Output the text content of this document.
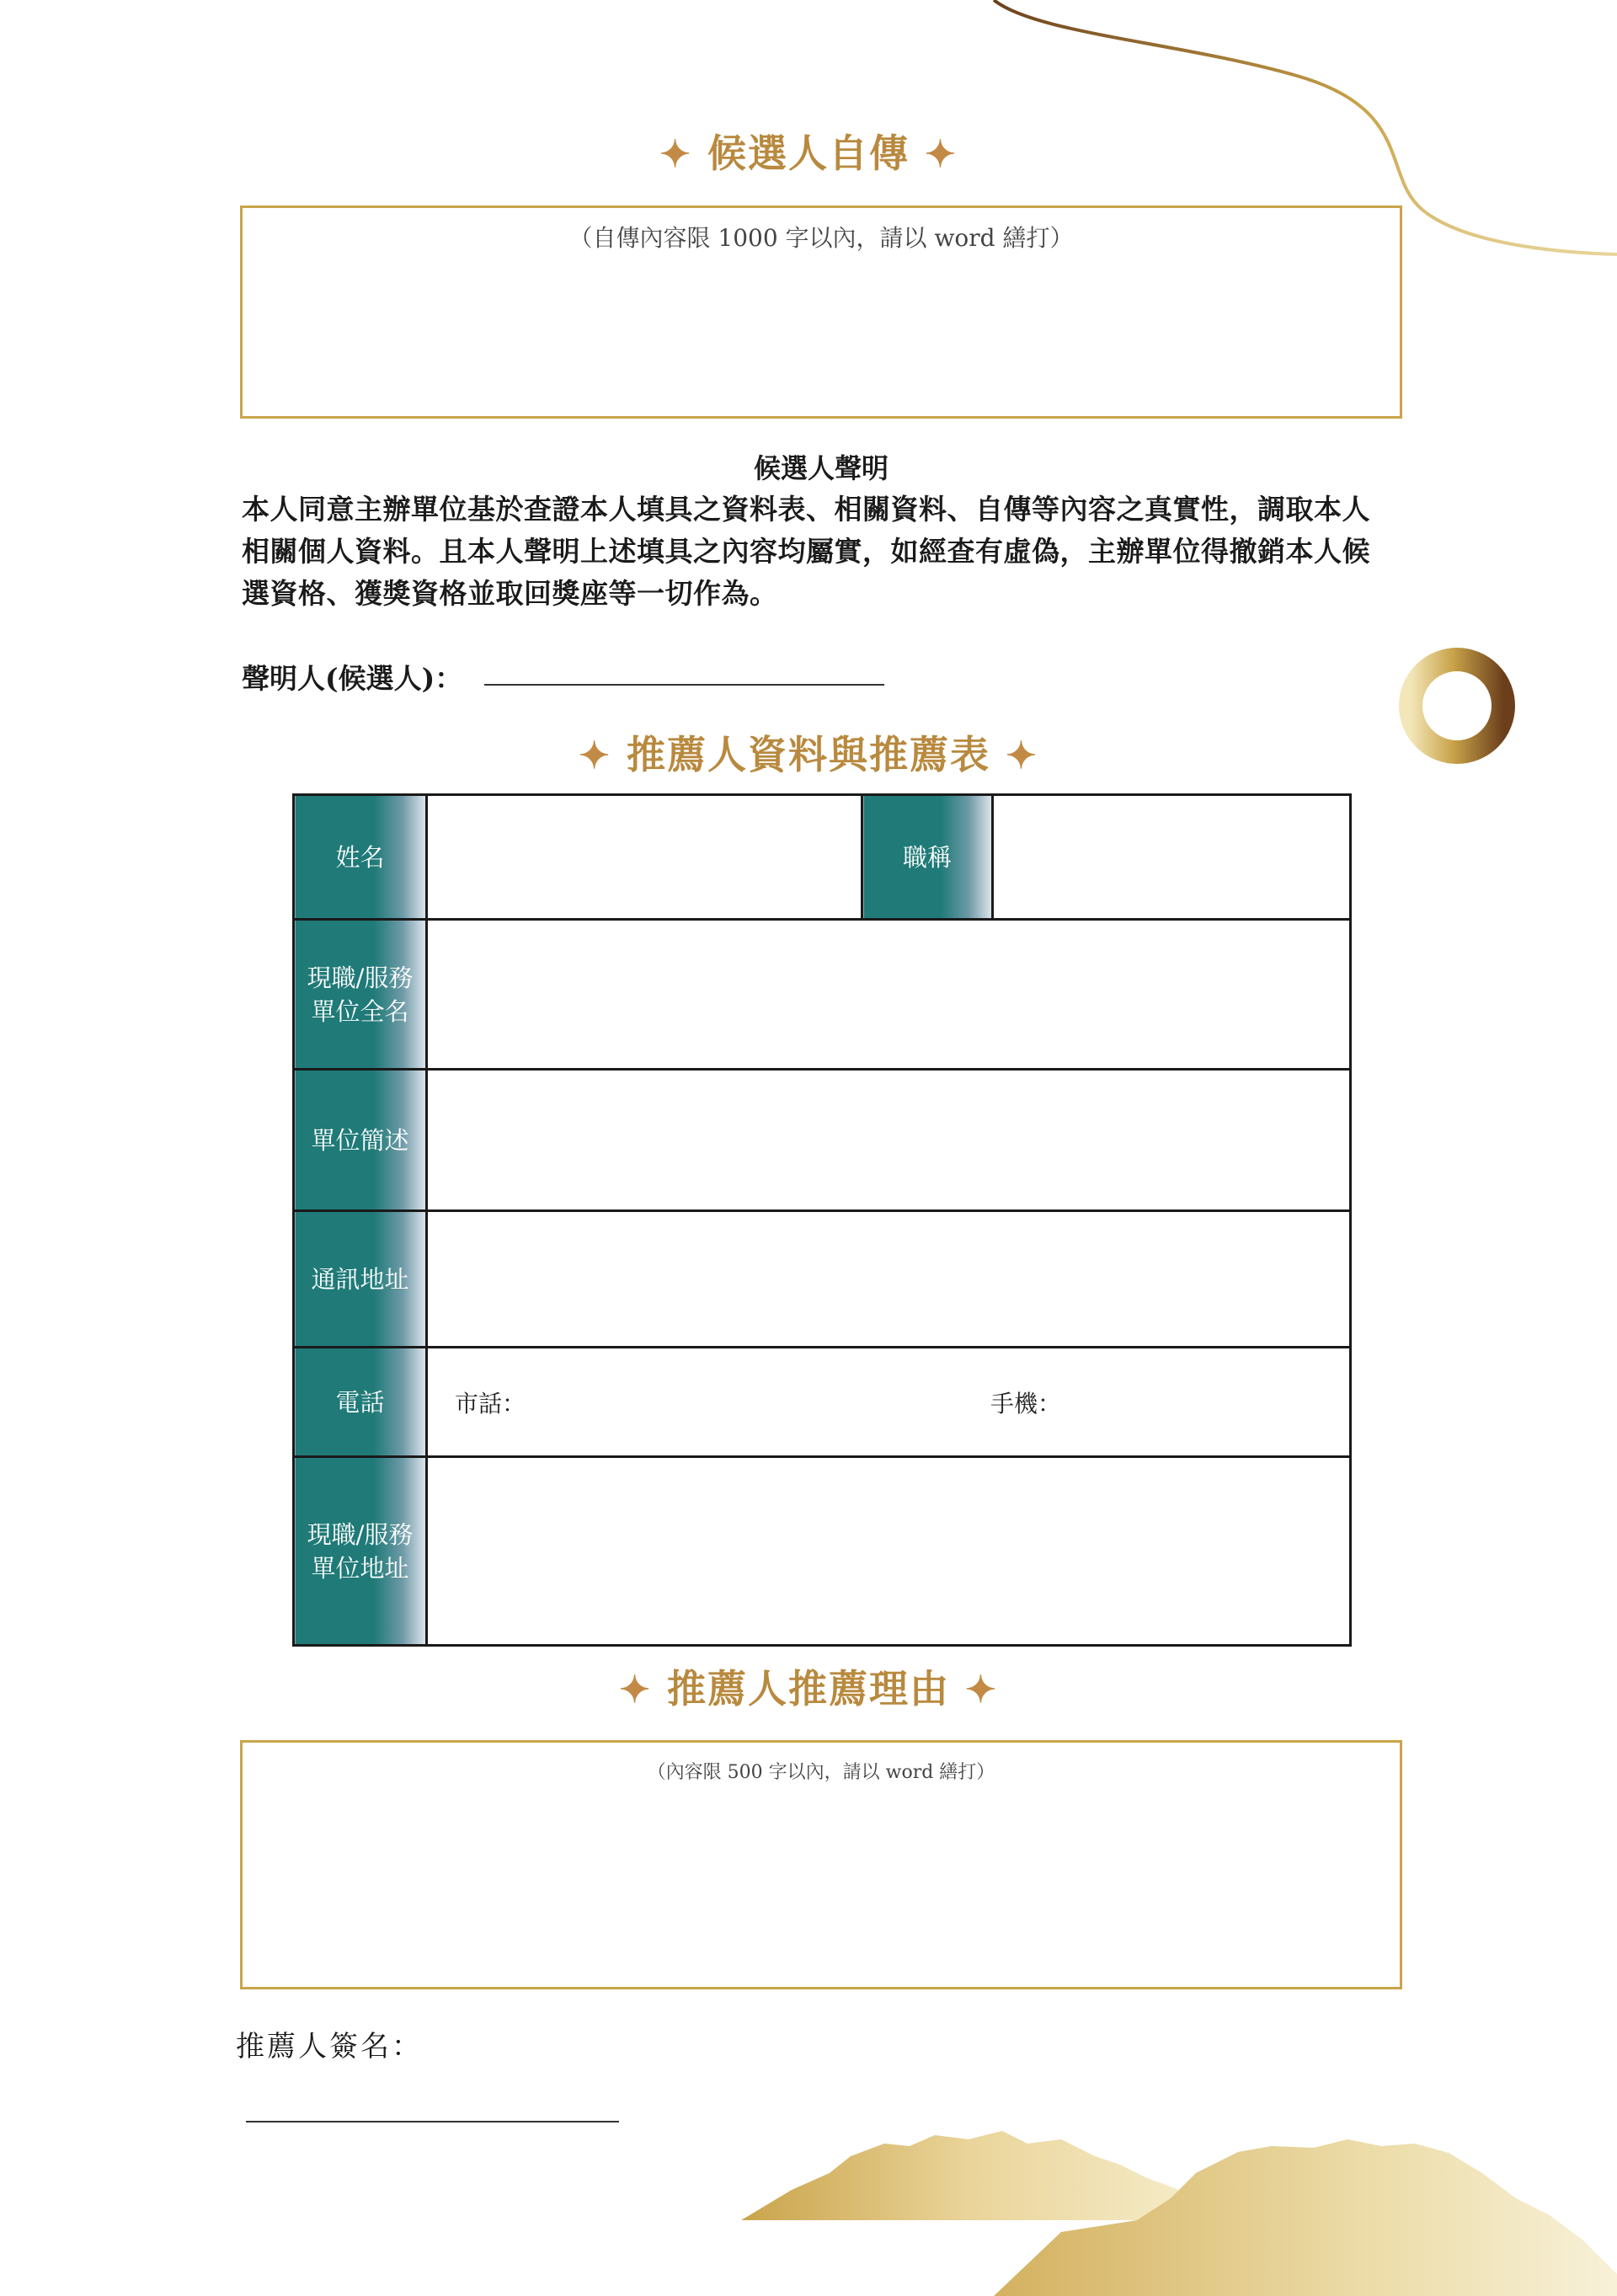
✦ 候選人自傳 ✦
（自傳內容限 1000 字以內，請以 word 繕打）
候選人聲明
本人同意主辦單位基於查證本人填具之資料表、相關資料、自傳等內容之真實性，調取本人
相關個人資料。且本人聲明上述填具之內容均屬實，如經查有虛偽，主辦單位得撤銷本人候
選資格、獲獎資格並取回獎座等一切作為。
聲明人(候選人)：
✦ 推薦人資料與推薦表 ✦
姓名		職稱	
現職/服務單位全名			
單位簡述			
通訊地址			
電話	市話： 手機：		

現職/服務單位地址			
✦ 推薦人推薦理由 ✦
（內容限 500 字以內，請以 word 繕打）
推薦人簽名：
